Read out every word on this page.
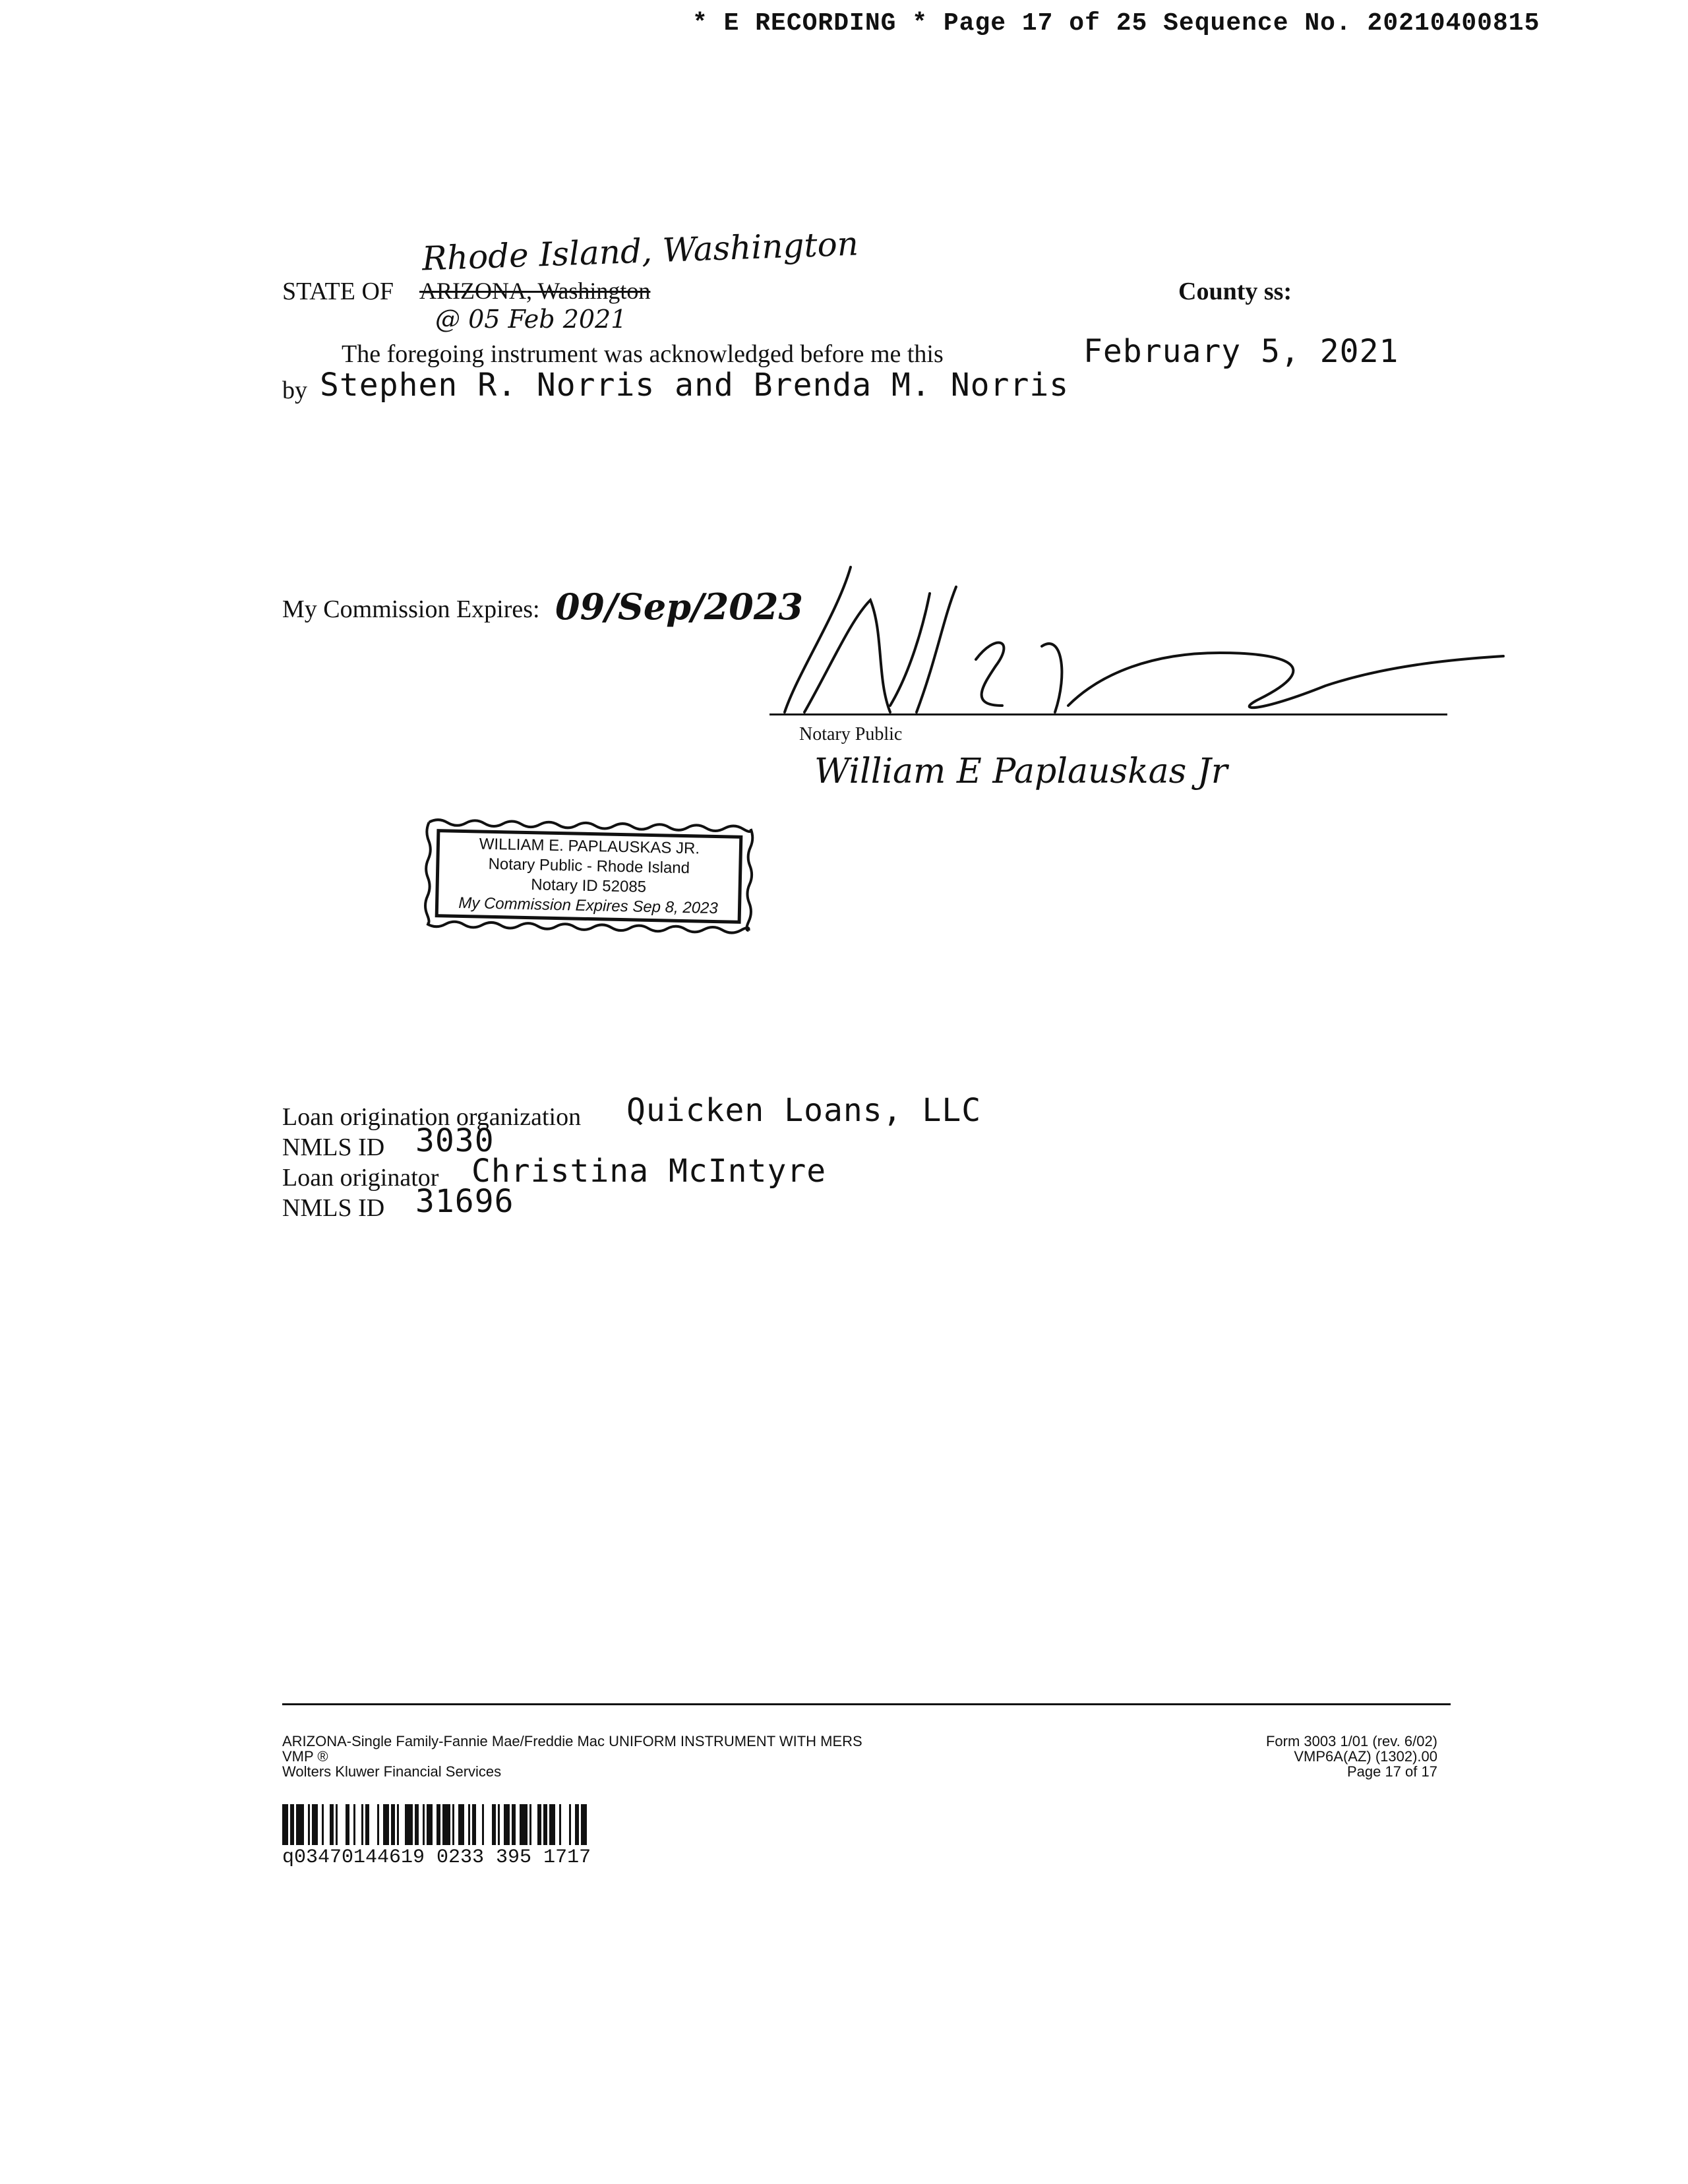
* E RECORDING * Page 17 of 25 Sequence No. 20210400815
STATE OF ARIZONA, Washington
Rhode Island, Washington
@ 05 Feb 2021
County ss:
The foregoing instrument was acknowledged before me this	February 5, 2021
by Stephen R. Norris and Brenda M. Norris
My Commission Expires: 09/Sep/2023
Notary Public
William E Paplauskas Jr
WILLIAM E. PAPLAUSKAS JR.
Notary Public - Rhode Island
Notary ID 52085
My Commission Expires Sep 8, 2023
Loan origination organization Quicken Loans, LLC
NMLS ID 3030
Loan originator Christina McIntyre
NMLS ID 31696
ARIZONA-Single Family-Fannie Mae/Freddie Mac UNIFORM INSTRUMENT WITH MERS
VMP ®
Wolters Kluwer Financial Services
Form 3003 1/01 (rev. 6/02)
VMP6A(AZ) (1302).00
Page 17 of 17
q03470144619 0233 395 1717
